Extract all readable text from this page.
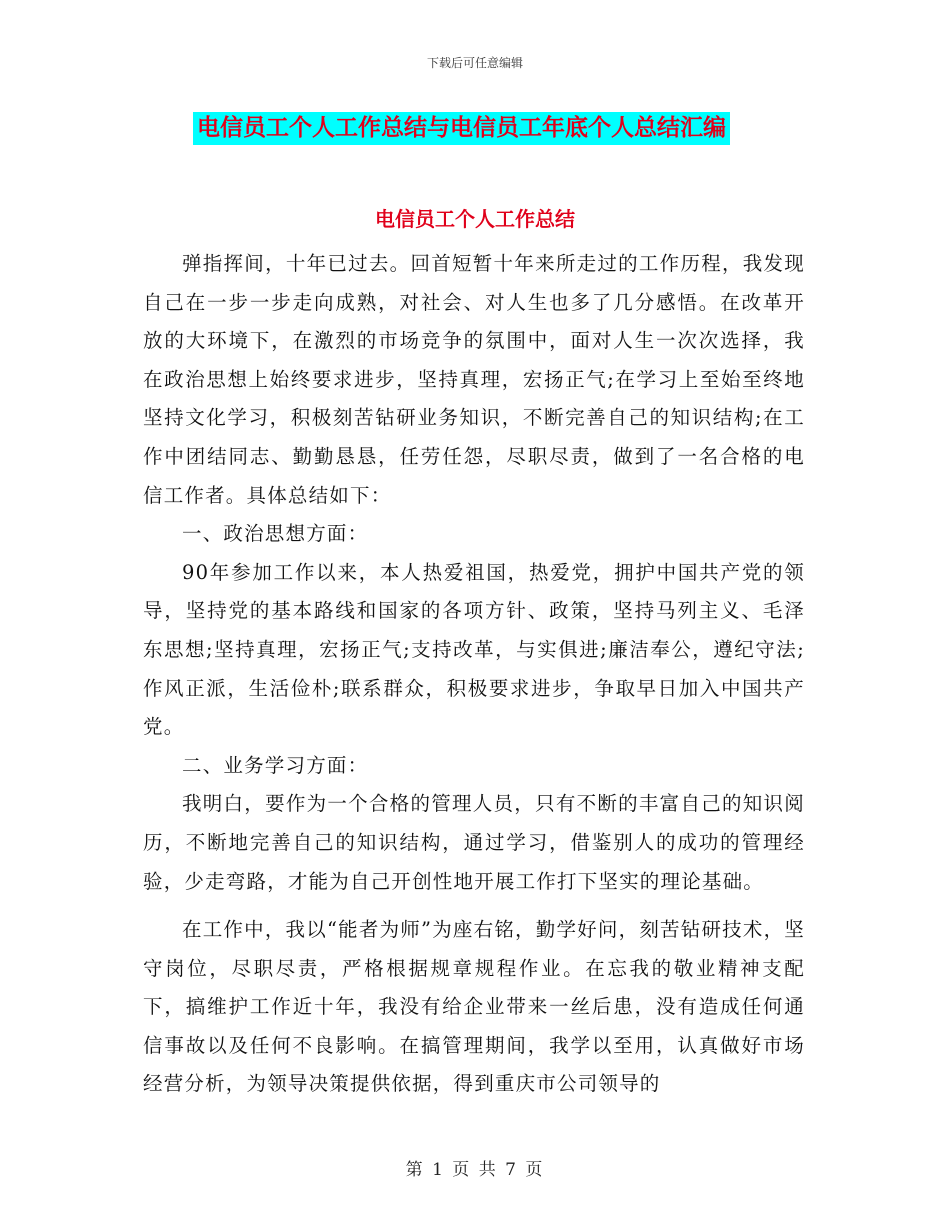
下载后可任意编辑
电信员工个人工作总结与电信员工年底个人总结汇编
电信员工个人工作总结

弹指挥间，十年已过去。回首短暂十年来所走过的工作历程，我发现自己在一步一步走向成熟，对社会、对人生也多了几分感悟。在改革开放的大环境下，在激烈的市场竞争的氛围中，面对人生一次次选择，我在政治思想上始终要求进步，坚持真理，宏扬正气;在学习上至始至终地坚持文化学习，积极刻苦钻研业务知识，不断完善自己的知识结构;在工作中团结同志、勤勤恳恳，任劳任怨，尽职尽责，做到了一名合格的电信工作者。具体总结如下：

一、政治思想方面：

90年参加工作以来，本人热爱祖国，热爱党，拥护中国共产党的领导，坚持党的基本路线和国家的各项方针、政策，坚持马列主义、毛泽东思想;坚持真理，宏扬正气;支持改革，与实俱进;廉洁奉公，遵纪守法;作风正派，生活俭朴;联系群众，积极要求进步，争取早日加入中国共产党。

二、业务学习方面：

我明白，要作为一个合格的管理人员，只有不断的丰富自己的知识阅历，不断地完善自己的知识结构，通过学习，借鉴别人的成功的管理经验，少走弯路，才能为自己开创性地开展工作打下坚实的理论基础。

在工作中，我以“能者为师”为座右铭，勤学好问，刻苦钻研技术，坚守岗位，尽职尽责，严格根据规章规程作业。在忘我的敬业精神支配下，搞维护工作近十年，我没有给企业带来一丝后患，没有造成任何通信事故以及任何不良影响。在搞管理期间，我学以至用，认真做好市场经营分析，为领导决策提供依据，得到重庆市公司领导的

第 1 页 共 7 页
